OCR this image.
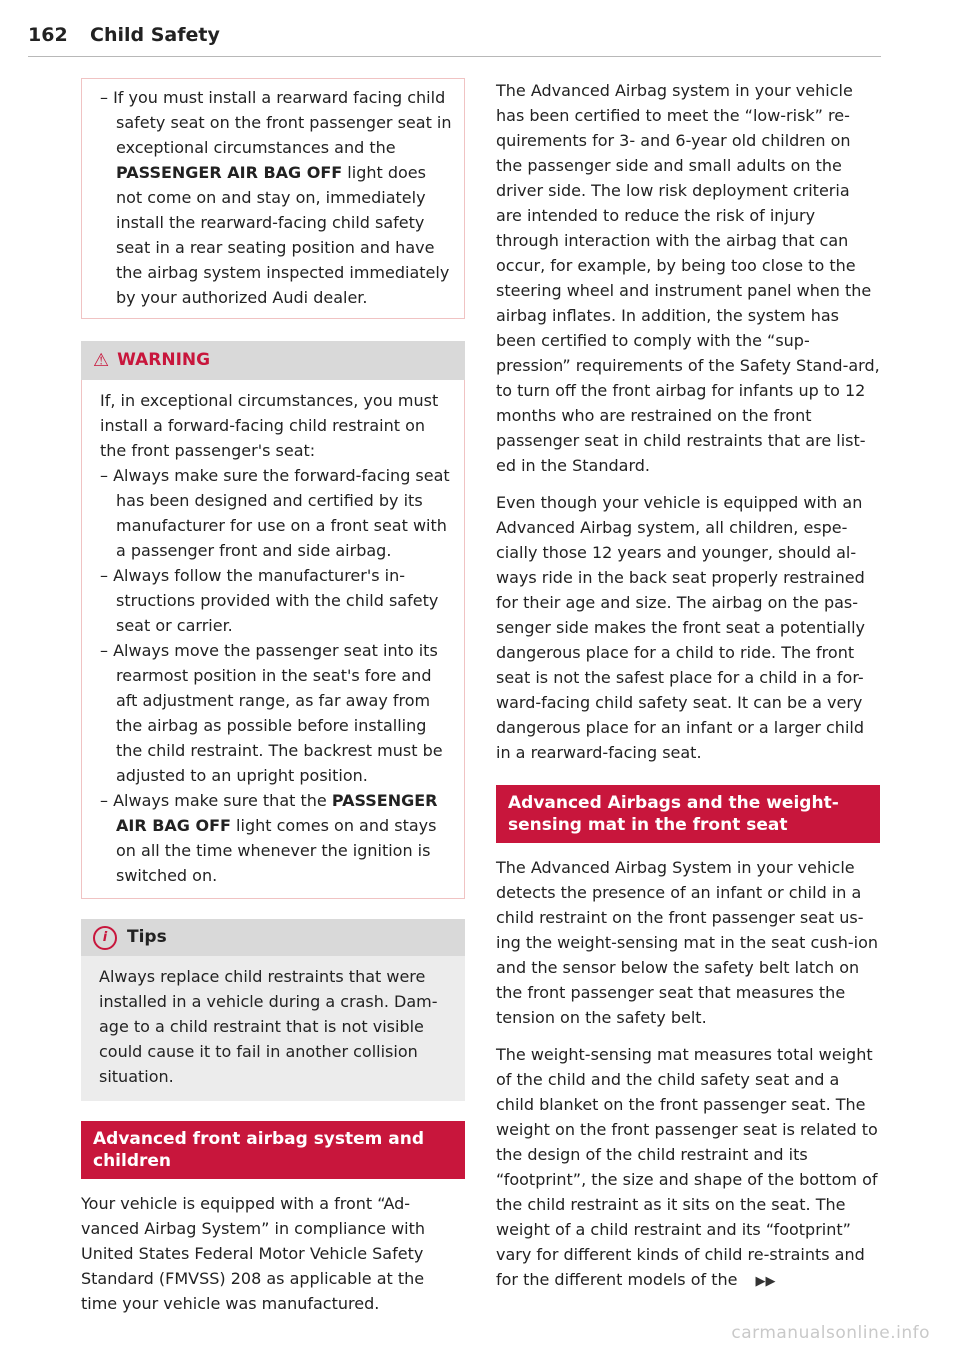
162 Child Safety

– If you must install a rearward facing child safety seat on the front passenger seat in exceptional circumstances and the PASSENGER AIR BAG OFF light does not come on and stay on, immediately install the rearward-facing child safety seat in a rear seating position and have the airbag system inspected immediately by your authorized Audi dealer.

⚠ WARNING

If, in exceptional circumstances, you must install a forward-facing child restraint on the front passenger's seat:

– Always make sure the forward-facing seat has been designed and certified by its manufacturer for use on a front seat with a passenger front and side airbag.

– Always follow the manufacturer's in-structions provided with the child safety seat or carrier.

– Always move the passenger seat into its rearmost position in the seat's fore and aft adjustment range, as far away from the airbag as possible before installing the child restraint. The backrest must be adjusted to an upright position.

– Always make sure that the PASSENGER AIR BAG OFF light comes on and stays on all the time whenever the ignition is switched on.

i	Tips

Always replace child restraints that were installed in a vehicle during a crash. Dam-age to a child restraint that is not visible could cause it to fail in another collision situation.

Advanced front airbag system and children

Your vehicle is equipped with a front “Ad-vanced Airbag System” in compliance with United States Federal Motor Vehicle Safety Standard (FMVSS) 208 as applicable at the time your vehicle was manufactured.

The Advanced Airbag system in your vehicle has been certified to meet the “low-risk” re-quirements for 3- and 6-year old children on the passenger side and small adults on the driver side. The low risk deployment criteria are intended to reduce the risk of injury through interaction with the airbag that can occur, for example, by being too close to the steering wheel and instrument panel when the airbag inflates. In addition, the system has been certified to comply with the “sup-pression” requirements of the Safety Stand-ard, to turn off the front airbag for infants up to 12 months who are restrained on the front passenger seat in child restraints that are list-ed in the Standard.

Even though your vehicle is equipped with an Advanced Airbag system, all children, espe-cially those 12 years and younger, should al-ways ride in the back seat properly restrained for their age and size. The airbag on the pas-senger side makes the front seat a potentially dangerous place for a child to ride. The front seat is not the safest place for a child in a for-ward-facing child safety seat. It can be a very dangerous place for an infant or a larger child in a rearward-facing seat.

Advanced Airbags and the weight-sensing mat in the front seat

The Advanced Airbag System in your vehicle detects the presence of an infant or child in a child restraint on the front passenger seat us-ing the weight-sensing mat in the seat cush-ion and the sensor below the safety belt latch on the front passenger seat that measures the tension on the safety belt.

The weight-sensing mat measures total weight of the child and the child safety seat and a child blanket on the front passenger seat. The weight on the front passenger seat is related to the design of the child restraint and its “footprint”, the size and shape of the bottom of the child restraint as it sits on the seat. The weight of a child restraint and its “footprint” vary for different kinds of child re-straints and for the different models of the ▶▶

carmanualsonline.info
